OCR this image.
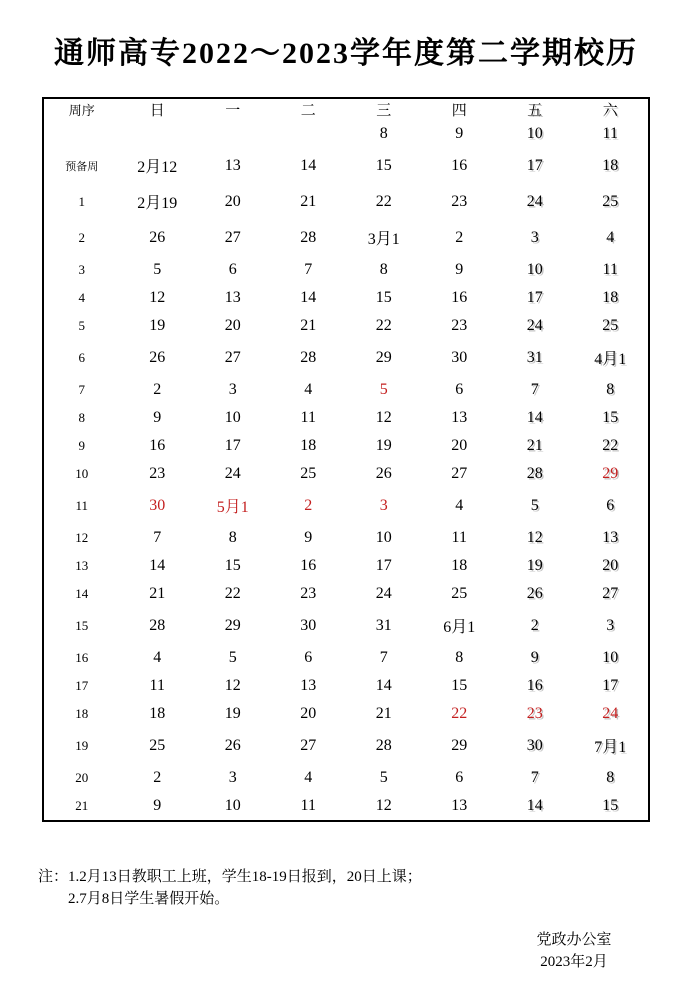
通师高专2022～2023学年度第二学期校历
周序	日	一	二	三	四	五	六
				8	9	10	11
预备周	2月12	13	14	15	16	17	18
1	2月19	20	21	22	23	24	25
2	26	27	28	3月1	2	3	4
3	5	6	7	8	9	10	11
4	12	13	14	15	16	17	18
5	19	20	21	22	23	24	25
6	26	27	28	29	30	31	4月1
7	2	3	4	5	6	7	8
8	9	10	11	12	13	14	15
9	16	17	18	19	20	21	22
10	23	24	25	26	27	28	29
11	30	5月1	2	3	4	5	6
12	7	8	9	10	11	12	13
13	14	15	16	17	18	19	20
14	21	22	23	24	25	26	27
15	28	29	30	31	6月1	2	3
16	4	5	6	7	8	9	10
17	11	12	13	14	15	16	17
18	18	19	20	21	22	23	24
19	25	26	27	28	29	30	7月1
20	2	3	4	5	6	7	8
21	9	10	11	12	13	14	15
注：1.2月13日教职工上班，学生18-19日报到，20日上课；
2.7月8日学生暑假开始。
党政办公室
2023年2月
